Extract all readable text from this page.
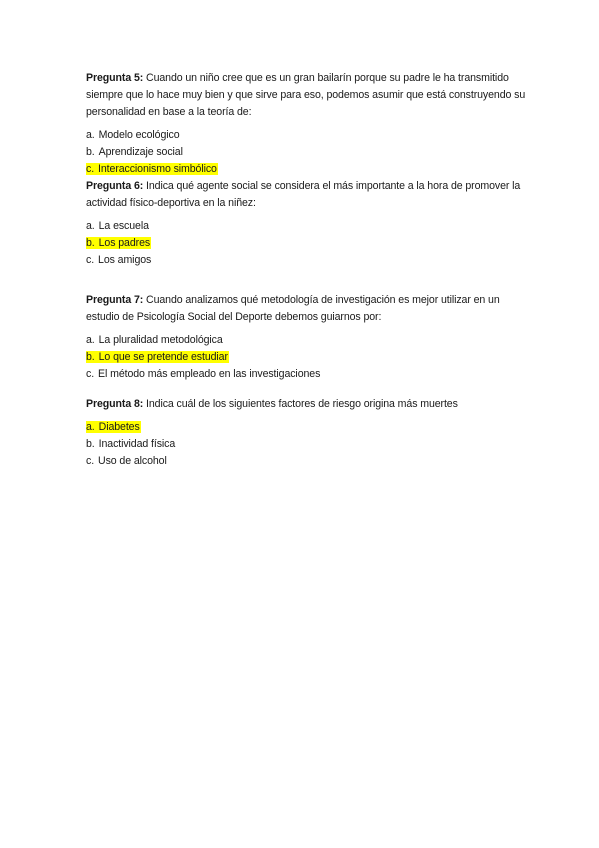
Pregunta 5: Cuando un niño cree que es un gran bailarín porque su padre le ha transmitido siempre que lo hace muy bien y que sirve para eso, podemos asumir que está construyendo su personalidad en base a la teoría de:

a. Modelo ecológico
b. Aprendizaje social
c. Interaccionismo simbólico

Pregunta 6: Indica qué agente social se considera el más importante a la hora de promover la actividad físico-deportiva en la niñez:

a. La escuela
b. Los padres
c. Los amigos

Pregunta 7: Cuando analizamos qué metodología de investigación es mejor utilizar en un estudio de Psicología Social del Deporte debemos guiarnos por:

a. La pluralidad metodológica
b. Lo que se pretende estudiar
c. El método más empleado en las investigaciones

Pregunta 8: Indica cuál de los siguientes factores de riesgo origina más muertes

a. Diabetes
b. Inactividad física
c. Uso de alcohol
